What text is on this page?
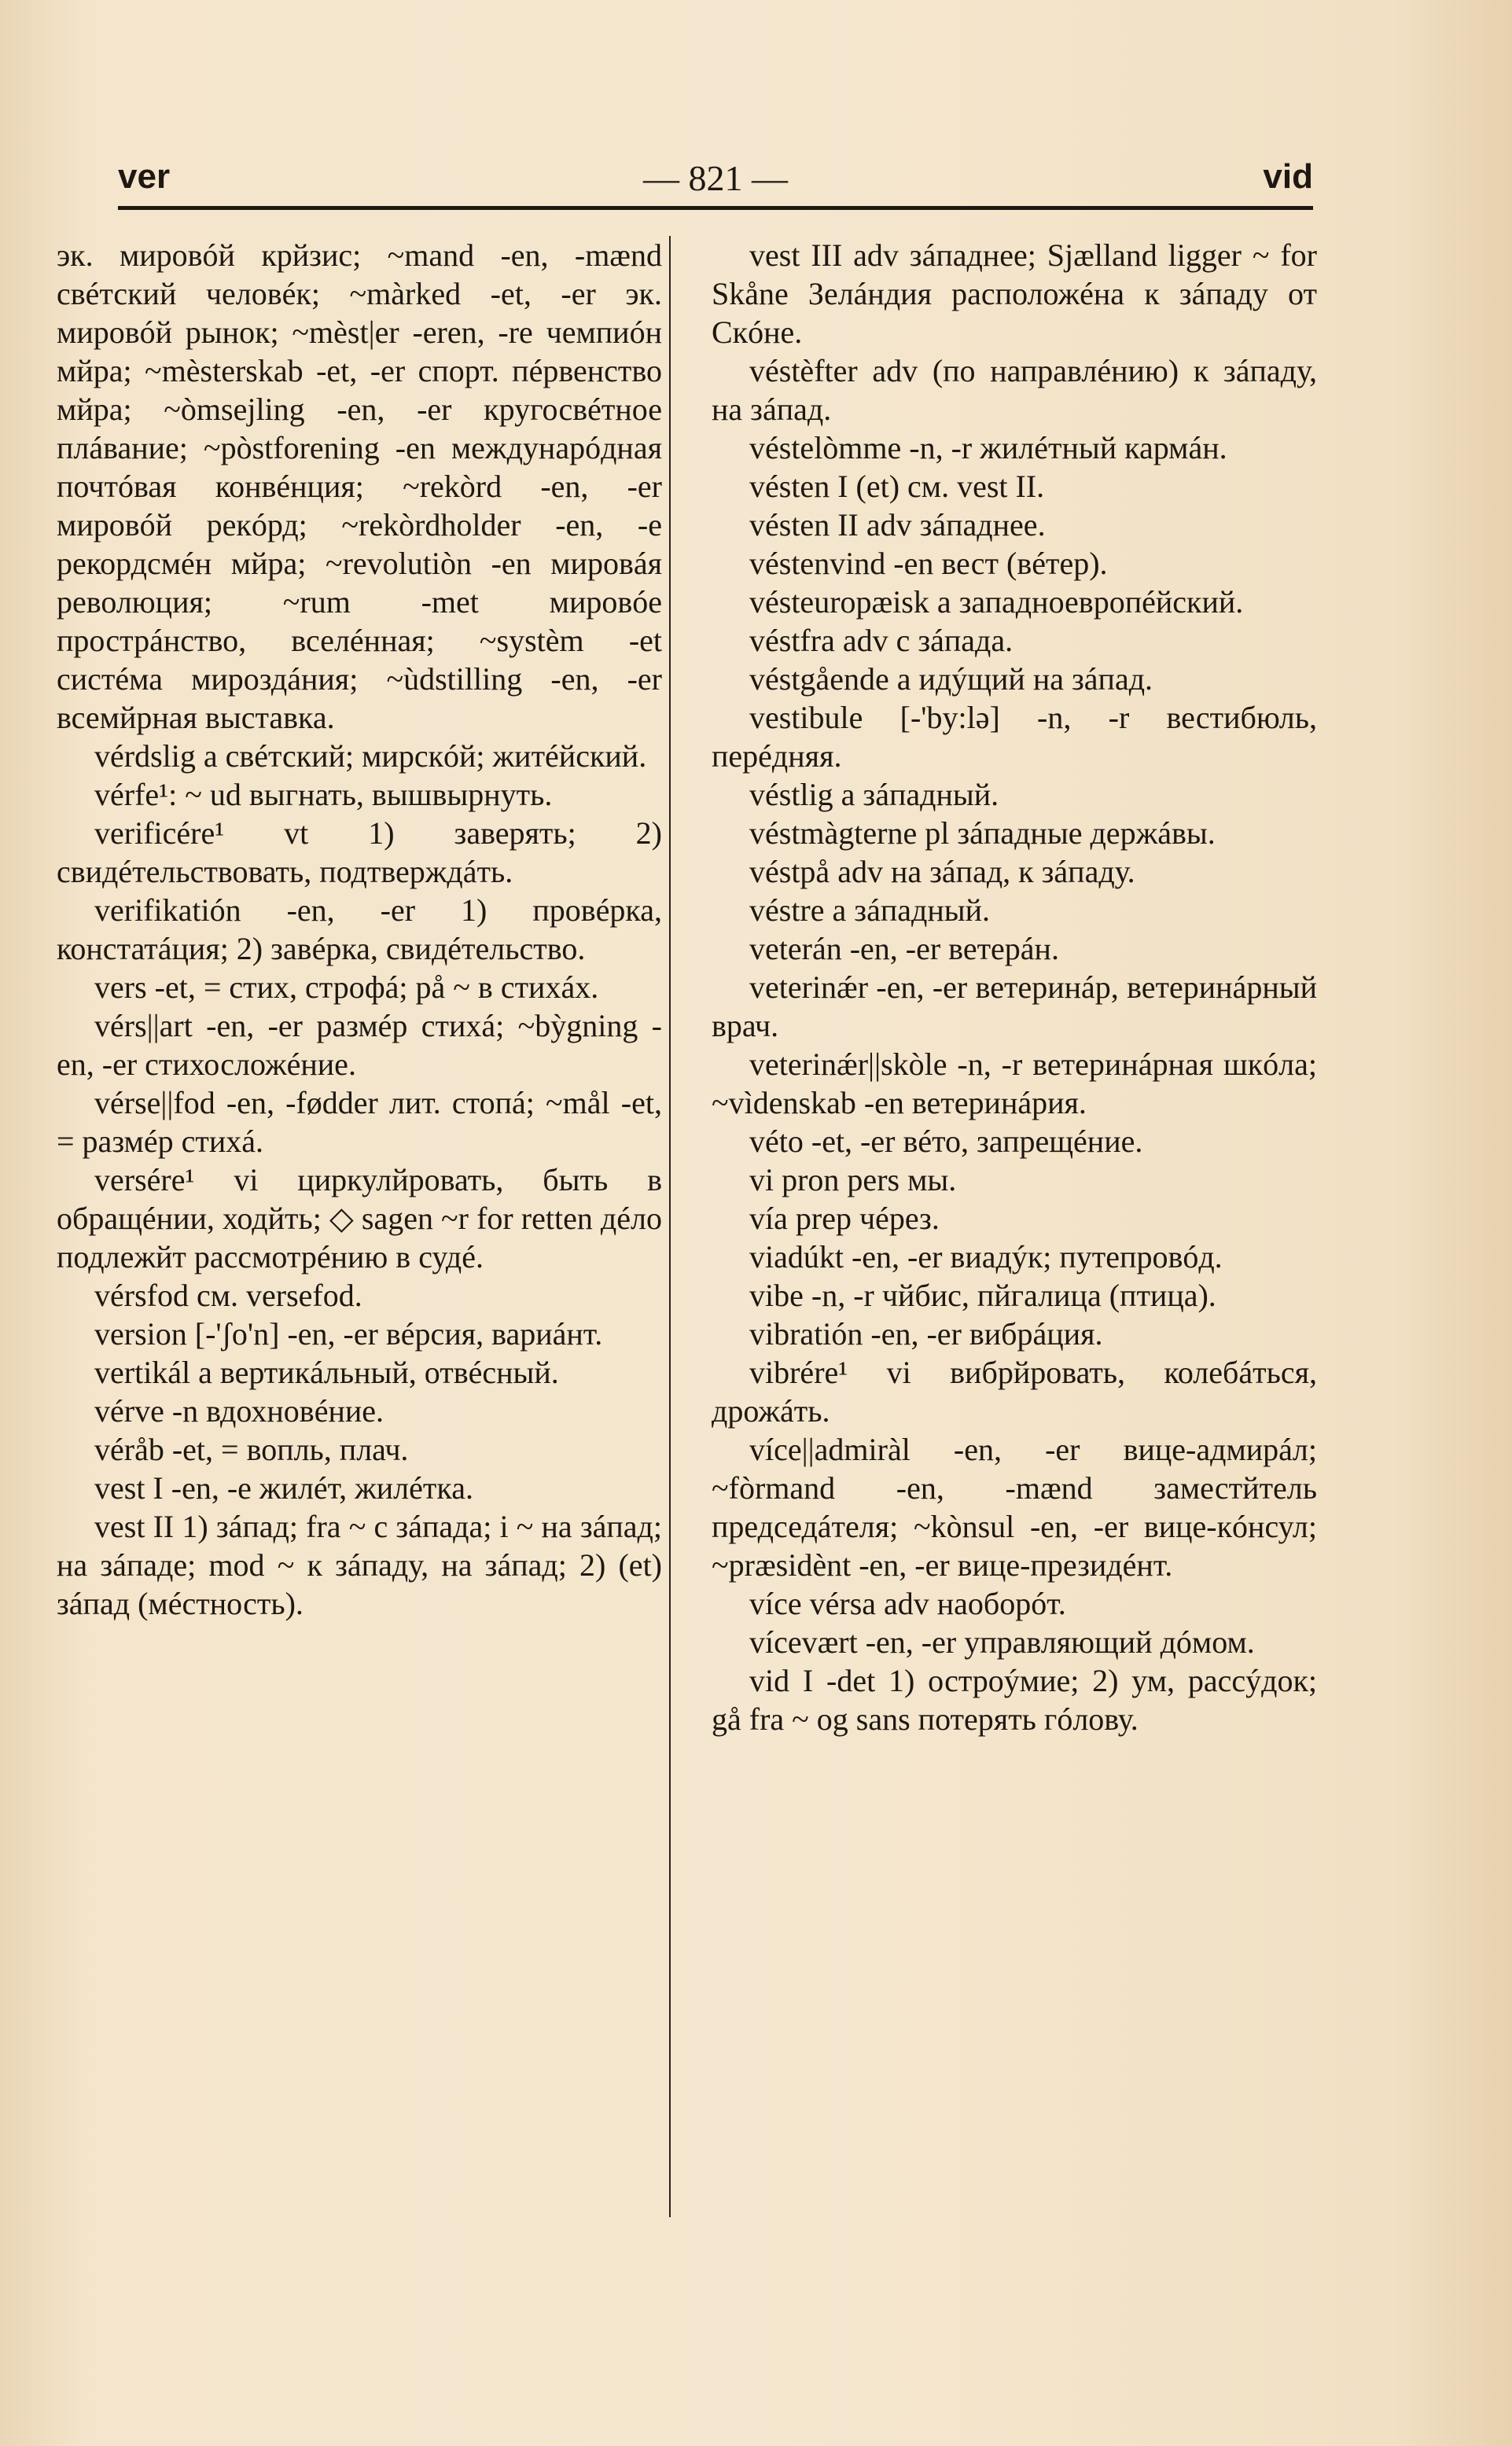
ver	— 821 —	vid

эк. мировóй крйзис; ~mand -en, -mænd свéтский человéк; ~màrked -et, -er эк. мировóй рынок; ~mèst|er -eren, -re чемпиóн мйра; ~mèsterskab -et, -er спорт. пéрвенство мйра; ~òmsejling -en, -er кругосвéтное плáвание; ~pòstforening -en междунарóдная почтóвая конвéнция; ~rekòrd -en, -er мировóй рекóрд; ~rekòrdholder -en, -e рекордсмéн мйра; ~revolutiòn -en мировáя революция; ~rum -met мировóе прострáнство, вселéнная; ~systèm -et систéма мироздáния; ~ùdstilling -en, -er всемйрная выставка.

vérdslig a свéтский; мирскóй; житéйский.

vérfe¹: ~ ud выгнать, вышвырнуть.

verificére¹ vt 1) заверять; 2) свидéтельствовать, подтверждáть.

verifikatión -en, -er 1) провéрка, констатáция; 2) завéрка, свидéтельство.

vers -et, = стих, строфá; på ~ в стихáх.

vérs||art -en, -er размéр стихá; ~bỳgning -en, -er стихосложéние.

vérse||fod -en, -fødder лит. стопá; ~mål -et, = размéр стихá.

versére¹ vi циркулйровать, быть в обращéнии, ходйть; ◇ sagen ~r for retten дéло подлежйт рассмотрéнию в судé.

vérsfod см. versefod.

version [-'ʃo'n] -en, -er вéрсия, вариáнт.

vertikál a вертикáльный, отвéсный.

vérve -n вдохновéние.

véråb -et, = вопль, плач.

vest I -en, -e жилéт, жилéтка.

vest II 1) зáпад; fra ~ с зáпада; i ~ на зáпад; на зáпаде; mod ~ к зáпаду, на зáпад; 2) (et) зáпад (мéстность).

vest III adv зáпаднее; Sjælland ligger ~ for Skåne Зелáндия расположéна к зáпаду от Скóне.

véstèfter adv (по направлéнию) к зáпаду, на зáпад.

véstelòmme -n, -r жилéтный кармáн.

vésten I (et) см. vest II.

vésten II adv зáпаднее.

véstenvind -en вест (вéтер).

vésteuropæisk a западноевропéйский.

véstfra adv с зáпада.

véstgående a идýщий на зáпад.

vestibule [-'by:lə] -n, -r вестибюль, перéдняя.

véstlig a зáпадный.

véstmàgterne pl зáпадные держáвы.

véstpå adv на зáпад, к зáпаду.

véstre a зáпадный.

veterán -en, -er ветерáн.

veterinǽr -en, -er ветеринáр, ветеринáрный врач.

veterinǽr||skòle -n, -r ветеринáрная шкóла; ~vìdenskab -en ветеринáрия.

véto -et, -er вéто, запрещéние.

vi pron pers мы.

vía prep чéрез.

viadúkt -en, -er виадýк; путепровóд.

vibe -n, -r чйбис, пйгалица (птица).

vibratión -en, -er вибрáция.

vibrére¹ vi вибрйровать, колебáться, дрожáть.

více||admiràl -en, -er вице-адмирáл; ~fòrmand -en, -mænd заместйтель председáтеля; ~kònsul -en, -er вице-кóнсул; ~præsidènt -en, -er вице-президéнт.

více vérsa adv наоборóт.

vícevært -en, -er управляющий дóмом.

vid I -det 1) остроýмие; 2) ум, рассýдок; gå fra ~ og sans потерять гóлову.
